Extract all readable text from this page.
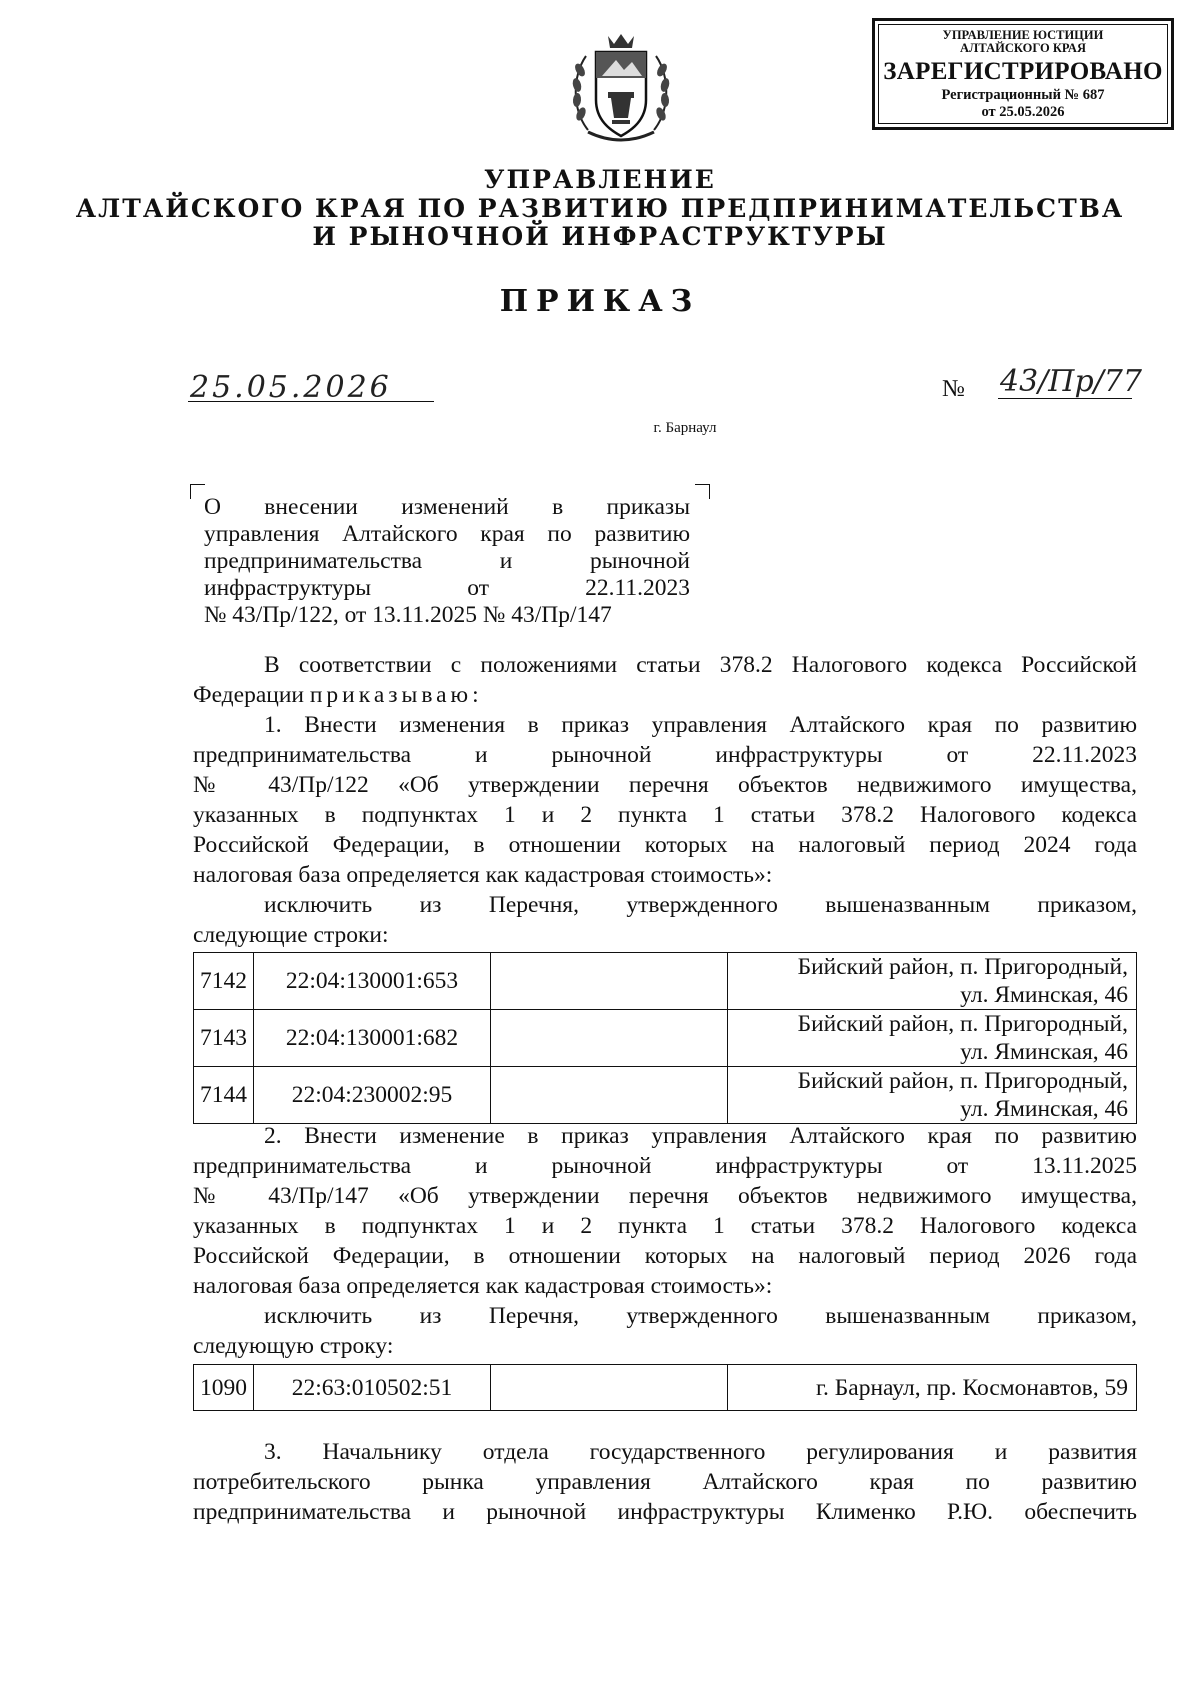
УПРАВЛЕНИЕ ЮСТИЦИИ
АЛТАЙСКОГО КРАЯ
ЗАРЕГИСТРИРОВАНО
Регистрационный № 687
от 25.05.2026
УПРАВЛЕНИЕ
АЛТАЙСКОГО КРАЯ ПО РАЗВИТИЮ ПРЕДПРИНИМАТЕЛЬСТВА
И РЫНОЧНОЙ ИНФРАСТРУКТУРЫ
ПРИКАЗ
25.05.2026	№ 43/Пр/77
г. Барнаул
О внесении изменений в приказы
управления Алтайского края по развитию
предпринимательства и рыночной
инфраструктуры от 22.11.2023
№ 43/Пр/122, от 13.11.2025 № 43/Пр/147
В соответствии с положениями статьи 378.2 Налогового кодекса Российской
Федерации приказываю:
1. Внести изменения в приказ управления Алтайского края по развитию
предпринимательства и рыночной инфраструктуры от 22.11.2023
№ 43/Пр/122 «Об утверждении перечня объектов недвижимого имущества,
указанных в подпунктах 1 и 2 пункта 1 статьи 378.2 Налогового кодекса
Российской Федерации, в отношении которых на налоговый период 2024 года
налоговая база определяется как кадастровая стоимость»:
исключить из Перечня, утвержденного вышеназванным приказом,
следующие строки:
7142	22:04:130001:653		Бийский район, п. Пригородный,
ул. Яминская, 46
7143	22:04:130001:682		Бийский район, п. Пригородный,
ул. Яминская, 46
7144	22:04:230002:95		Бийский район, п. Пригородный,
ул. Яминская, 46
2. Внести изменение в приказ управления Алтайского края по развитию
предпринимательства и рыночной инфраструктуры от 13.11.2025
№ 43/Пр/147 «Об утверждении перечня объектов недвижимого имущества,
указанных в подпунктах 1 и 2 пункта 1 статьи 378.2 Налогового кодекса
Российской Федерации, в отношении которых на налоговый период 2026 года
налоговая база определяется как кадастровая стоимость»:
исключить из Перечня, утвержденного вышеназванным приказом,
следующую строку:
1090	22:63:010502:51		г. Барнаул, пр. Космонавтов, 59
3. Начальнику отдела государственного регулирования и развития
потребительского рынка управления Алтайского края по развитию
предпринимательства и рыночной инфраструктуры Клименко Р.Ю. обеспечить
